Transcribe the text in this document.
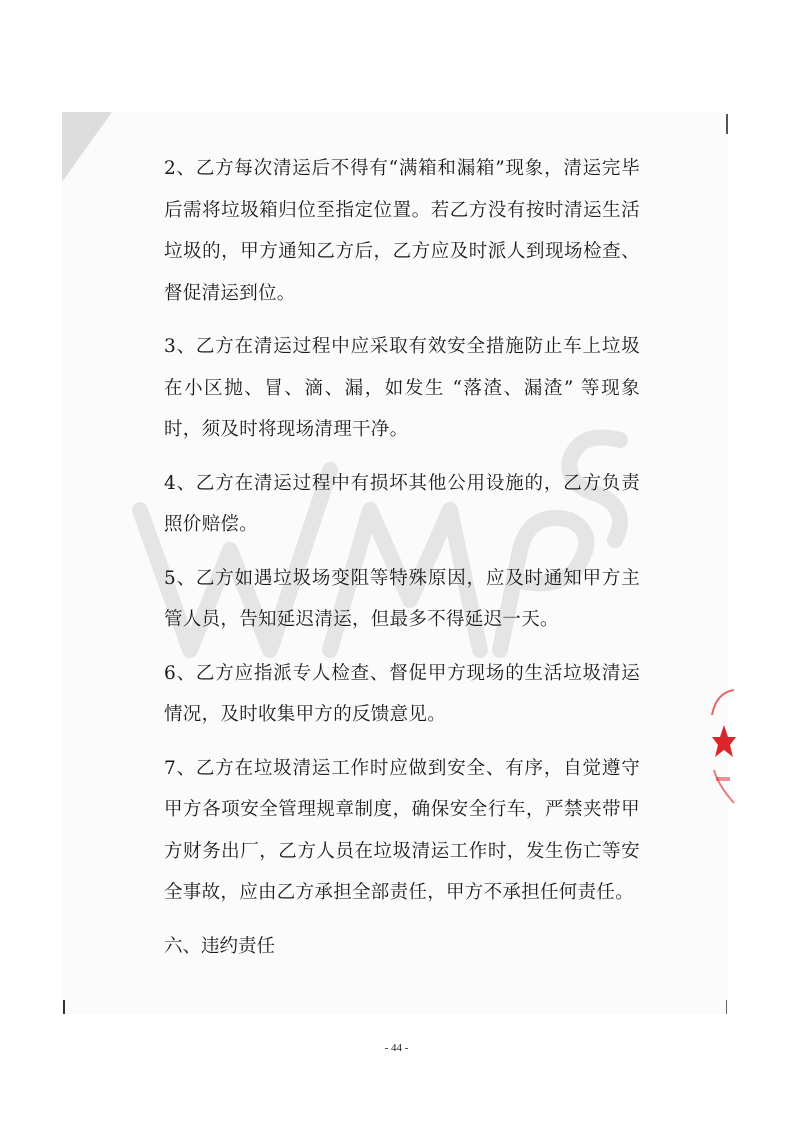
2、乙方每次清运后不得有“满箱和漏箱”现象，清运完毕后需将垃圾箱归位至指定位置。若乙方没有按时清运生活垃圾的，甲方通知乙方后，乙方应及时派人到现场检查、督促清运到位。

3、乙方在清运过程中应采取有效安全措施防止车上垃圾在小区抛、冒、滴、漏，如发生 “落渣、漏渣” 等现象时，须及时将现场清理干净。

4、乙方在清运过程中有损坏其他公用设施的，乙方负责照价赔偿。

5、乙方如遇垃圾场变阻等特殊原因，应及时通知甲方主管人员，告知延迟清运，但最多不得延迟一天。

6、乙方应指派专人检查、督促甲方现场的生活垃圾清运情况，及时收集甲方的反馈意见。

7、乙方在垃圾清运工作时应做到安全、有序，自觉遵守甲方各项安全管理规章制度，确保安全行车，严禁夹带甲方财务出厂，乙方人员在垃圾清运工作时，发生伤亡等安全事故，应由乙方承担全部责任，甲方不承担任何责任。

六、违约责任
- 44 -
